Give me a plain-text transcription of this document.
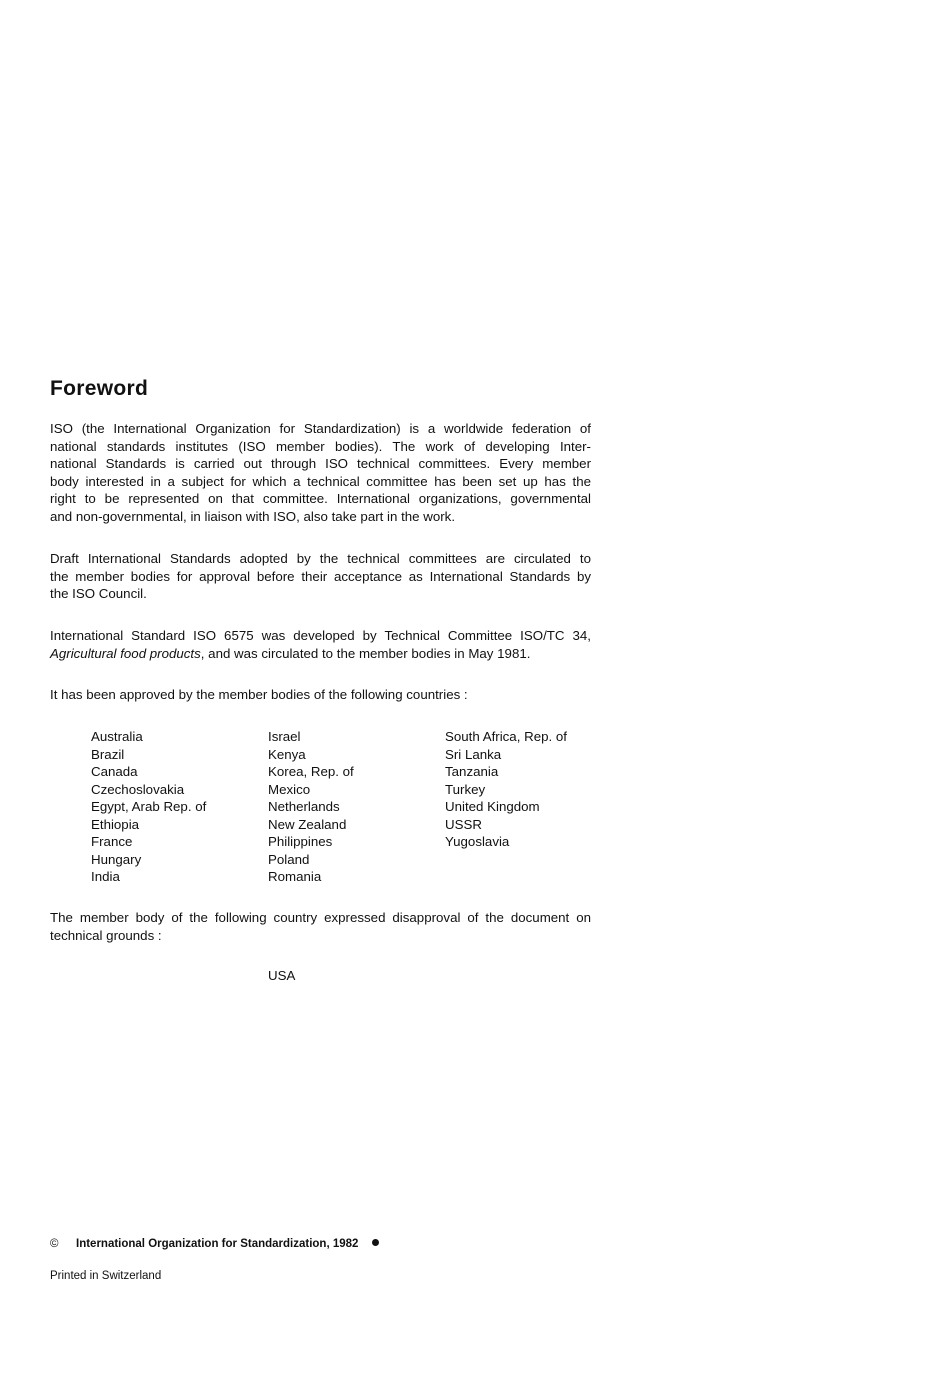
Foreword

ISO (the International Organization for Standardization) is a worldwide federation of
national standards institutes (ISO member bodies). The work of developing Inter-
national Standards is carried out through ISO technical committees. Every member
body interested in a subject for which a technical committee has been set up has the
right to be represented on that committee. International organizations, governmental
and non-governmental, in liaison with ISO, also take part in the work.

Draft International Standards adopted by the technical committees are circulated to
the member bodies for approval before their acceptance as International Standards by
the ISO Council.

International Standard ISO 6575 was developed by Technical Committee ISO/TC 34,
Agricultural food products, and was circulated to the member bodies in May 1981.

It has been approved by the member bodies of the following countries :

Australia
Brazil
Canada
Czechoslovakia
Egypt, Arab Rep. of
Ethiopia
France
Hungary
India
Israel
Kenya
Korea, Rep. of
Mexico
Netherlands
New Zealand
Philippines
Poland
Romania
South Africa, Rep. of
Sri Lanka
Tanzania
Turkey
United Kingdom
USSR
Yugoslavia

The member body of the following country expressed disapproval of the document on
technical grounds :

USA
© International Organization for Standardization, 1982
Printed in Switzerland
